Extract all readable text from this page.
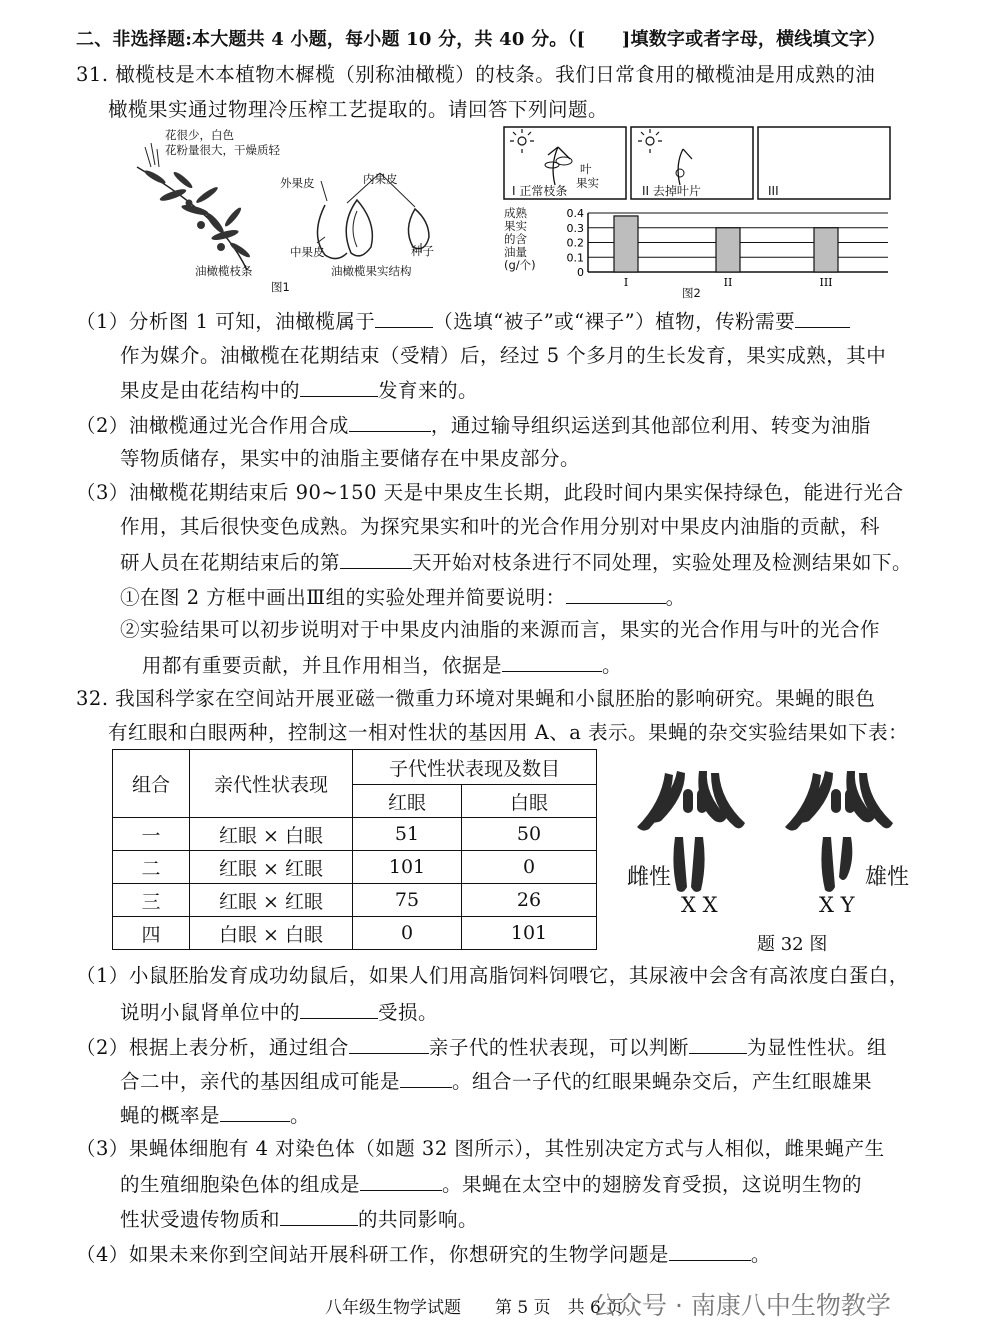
二、非选择题:本大题共 4 小题，每小题 10 分，共 40 分。（[　　]填数字或者字母，横线填文字）
31. 橄榄枝是木本植物木樨榄（别称油橄榄）的枝条。我们日常食用的橄榄油是用成熟的油
橄榄果实通过物理冷压榨工艺提取的。请回答下列问题。
花很少，白色
花粉量很大，干燥质轻
外果皮	内果皮
中果皮	种子
油橄榄枝条	油橄榄果实结构
图1
0.4
0.3
0.2
0.1
0
I	II	III
叶
果实
I 正常枝条	II 去掉叶片	III
成熟
果实
的含
油量
(g/个)
图2
（1）分析图 1 可知，油橄榄属于	（选填“被子”或“裸子”）植物，传粉需要
作为媒介。油橄榄在花期结束（受精）后，经过 5 个多月的生长发育，果实成熟，其中
果皮是由花结构中的	发育来的。
（2）油橄榄通过光合作用合成	，通过输导组织运送到其他部位利用、转变为油脂
等物质储存，果实中的油脂主要储存在中果皮部分。
（3）油橄榄花期结束后 90~150 天是中果皮生长期，此段时间内果实保持绿色，能进行光合
作用，其后很快变色成熟。为探究果实和叶的光合作用分别对中果皮内油脂的贡献，科
研人员在花期结束后的第	天开始对枝条进行不同处理，实验处理及检测结果如下。
①在图 2 方框中画出Ⅲ组的实验处理并简要说明：	。
②实验结果可以初步说明对于中果皮内油脂的来源而言，果实的光合作用与叶的光合作
用都有重要贡献，并且作用相当，依据是	。
32. 我国科学家在空间站开展亚磁一微重力环境对果蝇和小鼠胚胎的影响研究。果蝇的眼色
有红眼和白眼两种，控制这一相对性状的基因用 A、a 表示。果蝇的杂交实验结果如下表：
组合	亲代性状表现	子代性状表现及数目	
		红眼	白眼
一	红眼 × 白眼	51	50
二	红眼 × 红眼	101	0
三	红眼 × 红眼	75	26
四	白眼 × 白眼	0	101
雌性	雄性
X X	X Y
题 32 图
（1）小鼠胚胎发育成功幼鼠后，如果人们用高脂饲料饲喂它，其尿液中会含有高浓度白蛋白，
说明小鼠肾单位中的	受损。
（2）根据上表分析，通过组合	亲子代的性状表现，可以判断	为显性性状。组
合二中，亲代的基因组成可能是	。组合一子代的红眼果蝇杂交后，产生红眼雄果
蝇的概率是	。
（3）果蝇体细胞有 4 对染色体（如题 32 图所示），其性别决定方式与人相似，雌果蝇产生
的生殖细胞染色体的组成是	。果蝇在太空中的翅膀发育受损，这说明生物的
性状受遗传物质和	的共同影响。
（4）如果未来你到空间站开展科研工作，你想研究的生物学问题是	。
八年级生物学试题　　第 5 页　共 6 页
公众号 · 南康八中生物教学
